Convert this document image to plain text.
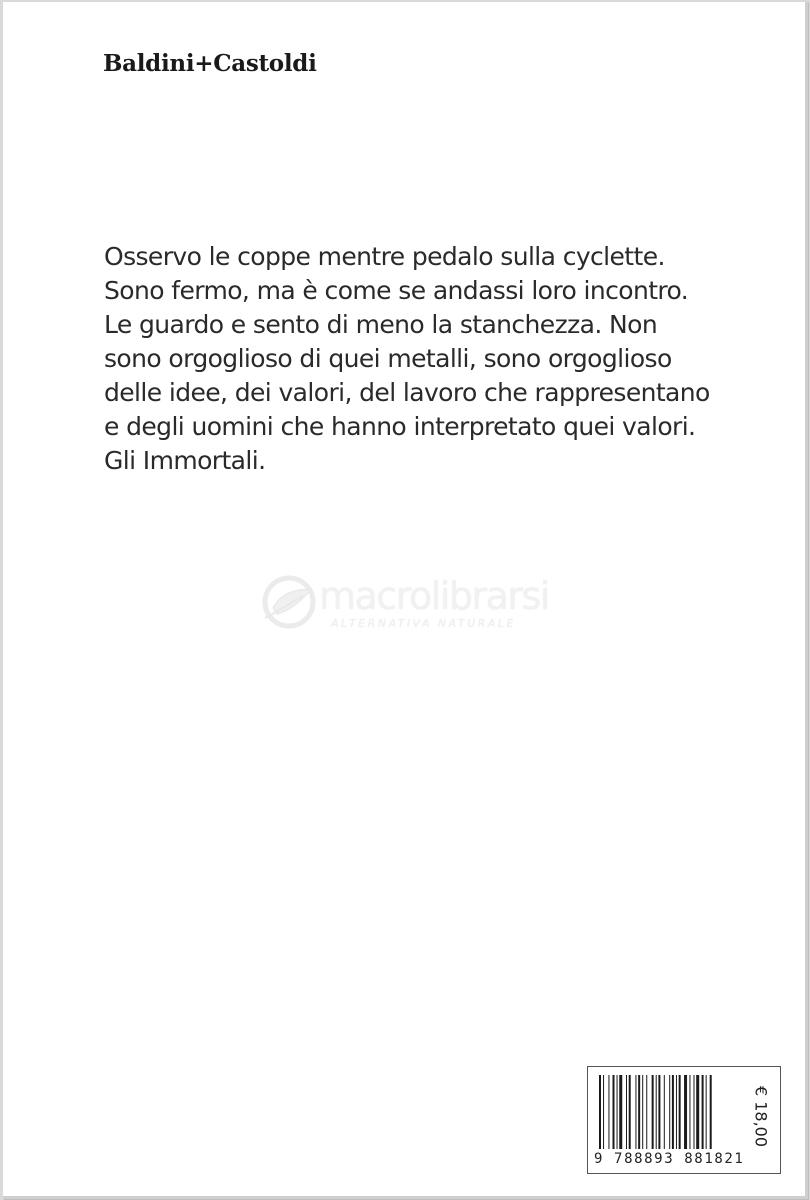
Baldini+Castoldi
Osservo le coppe mentre pedalo sulla cyclette.
Sono fermo, ma è come se andassi loro incontro.
Le guardo e sento di meno la stanchezza. Non
sono orgoglioso di quei metalli, sono orgoglioso
delle idee, dei valori, del lavoro che rappresentano
e degli uomini che hanno interpretato quei valori.
Gli Immortali.
macrolibrarsi
ALTERNATIVA NATURALE
9 788893 881821
€ 18,00
